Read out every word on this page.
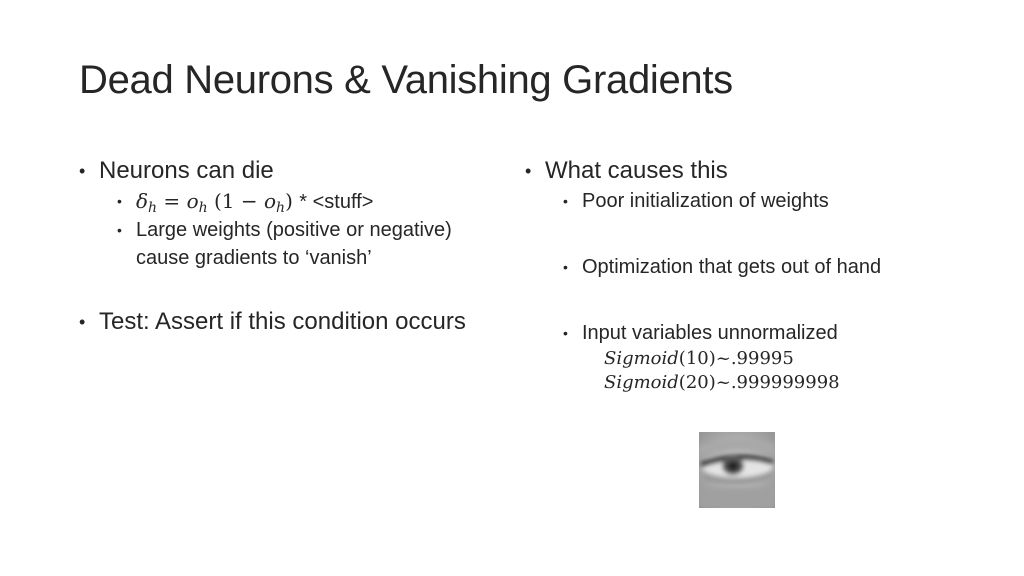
Dead Neurons & Vanishing Gradients
• Neurons can die
• $\delta_h = o_h$ $(1 - o_h)$ * <stuff>
• Large weights (positive or negative) cause gradients to ‘vanish’
• Test: Assert if this condition occurs
• What causes this
• Poor initialization of weights
• Optimization that gets out of hand
• Input variables unnormalized
Sigmoid(10)~.99995
Sigmoid(20)~.999999998
